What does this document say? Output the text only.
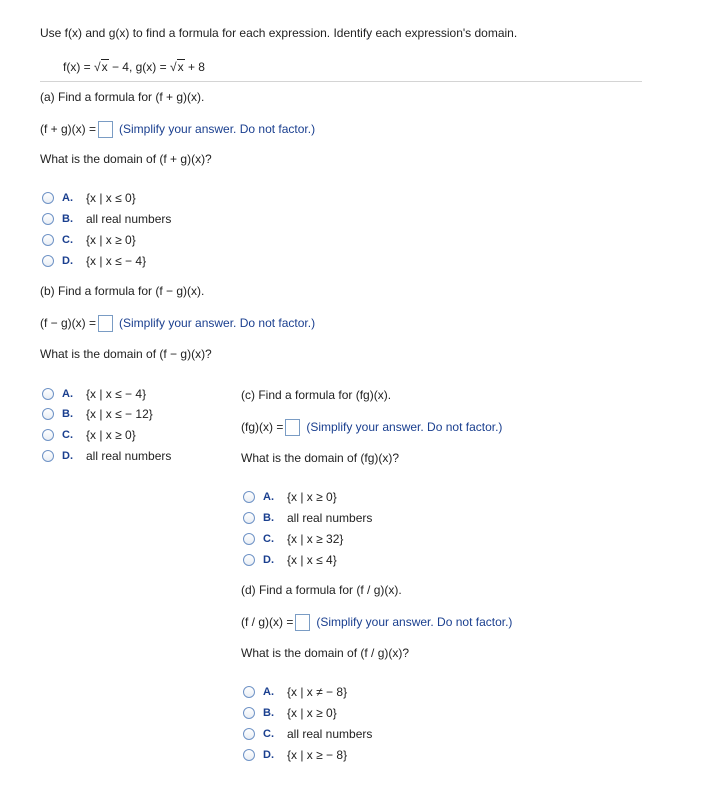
Use f(x) and g(x) to find a formula for each expression. Identify each expression's domain.
f(x) = √x − 4, g(x) = √x + 8
(a) Find a formula for (f + g)(x).
(f + g)(x) = (Simplify your answer. Do not factor.)
What is the domain of (f + g)(x)?
A.	{x | x ≤ 0}
B.	all real numbers
C.	{x | x ≥ 0}
D.	{x | x ≤ − 4}
(b) Find a formula for (f − g)(x).
(f − g)(x) = (Simplify your answer. Do not factor.)
What is the domain of (f − g)(x)?
A.	{x | x ≤ − 4}
B.	{x | x ≤ − 12}
C.	{x | x ≥ 0}
D.	all real numbers
(c) Find a formula for (fg)(x).
(fg)(x) = (Simplify your answer. Do not factor.)
What is the domain of (fg)(x)?
A.	{x | x ≥ 0}
B.	all real numbers
C.	{x | x ≥ 32}
D.	{x | x ≤ 4}
(d) Find a formula for (f / g)(x).
(f / g)(x) = (Simplify your answer. Do not factor.)
What is the domain of (f / g)(x)?
A.	{x | x ≠ − 8}
B.	{x | x ≥ 0}
C.	all real numbers
D.	{x | x ≥ − 8}
